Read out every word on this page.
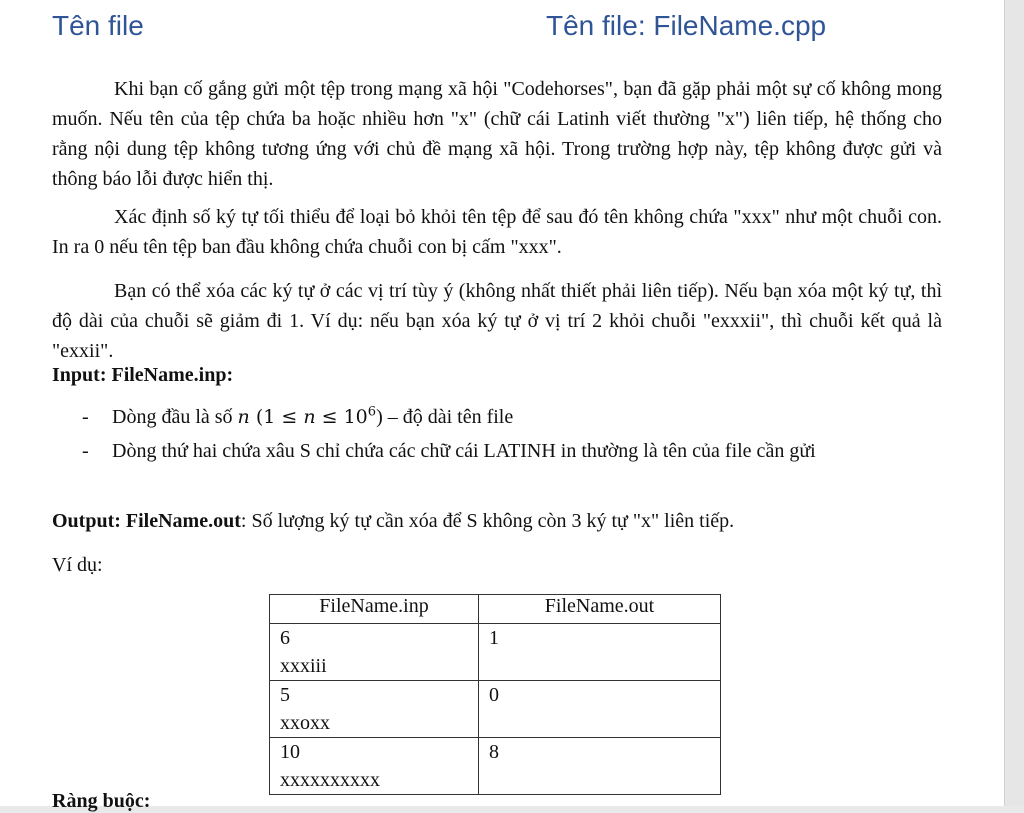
Tên file	Tên file: FileName.cpp

Khi bạn cố gắng gửi một tệp trong mạng xã hội "Codehorses", bạn đã gặp phải một sự cố không mong muốn. Nếu tên của tệp chứa ba hoặc nhiều hơn "x" (chữ cái Latinh viết thường "x") liên tiếp, hệ thống cho rằng nội dung tệp không tương ứng với chủ đề mạng xã hội. Trong trường hợp này, tệp không được gửi và thông báo lỗi được hiển thị.

Xác định số ký tự tối thiểu để loại bỏ khỏi tên tệp để sau đó tên không chứa "xxx" như một chuỗi con. In ra 0 nếu tên tệp ban đầu không chứa chuỗi con bị cấm "xxx".

Bạn có thể xóa các ký tự ở các vị trí tùy ý (không nhất thiết phải liên tiếp). Nếu bạn xóa một ký tự, thì độ dài của chuỗi sẽ giảm đi 1. Ví dụ: nếu bạn xóa ký tự ở vị trí 2 khỏi chuỗi "exxxii", thì chuỗi kết quả là "exxii".

Input: FileName.inp:
- Dòng đầu là số n $(1 \le n \le 10^6)$ – độ dài tên file
- Dòng thứ hai chứa xâu S chỉ chứa các chữ cái LATINH in thường là tên của file cần gửi
Output: FileName.out: Số lượng ký tự cần xóa để S không còn 3 ký tự "x" liên tiếp.
Ví dụ:
FileName.inp	FileName.out

6
xxxiii	1

5
xxoxx	0

10
xxxxxxxxxx	8
Ràng buộc:
